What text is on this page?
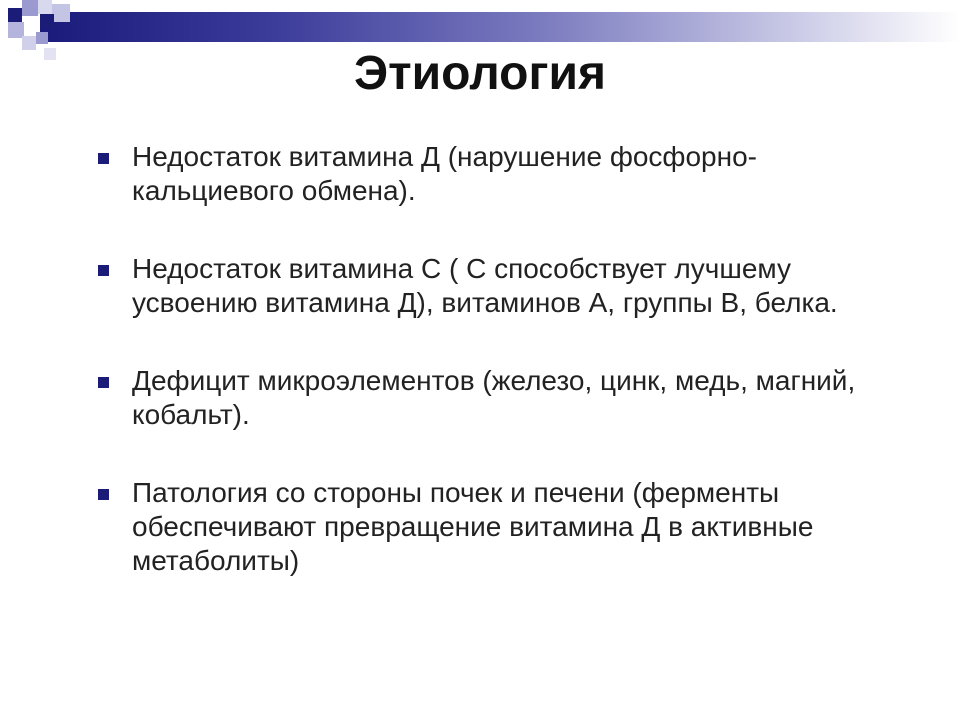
Этиология
Недостаток витамина Д (нарушение фосфорно-кальциевого обмена).
Недостаток витамина С ( С способствует лучшему усвоению витамина Д), витаминов А, группы В, белка.
Дефицит микроэлементов (железо, цинк, медь, магний, кобальт).
Патология со стороны почек и печени (ферменты обеспечивают превращение витамина Д в активные метаболиты)
